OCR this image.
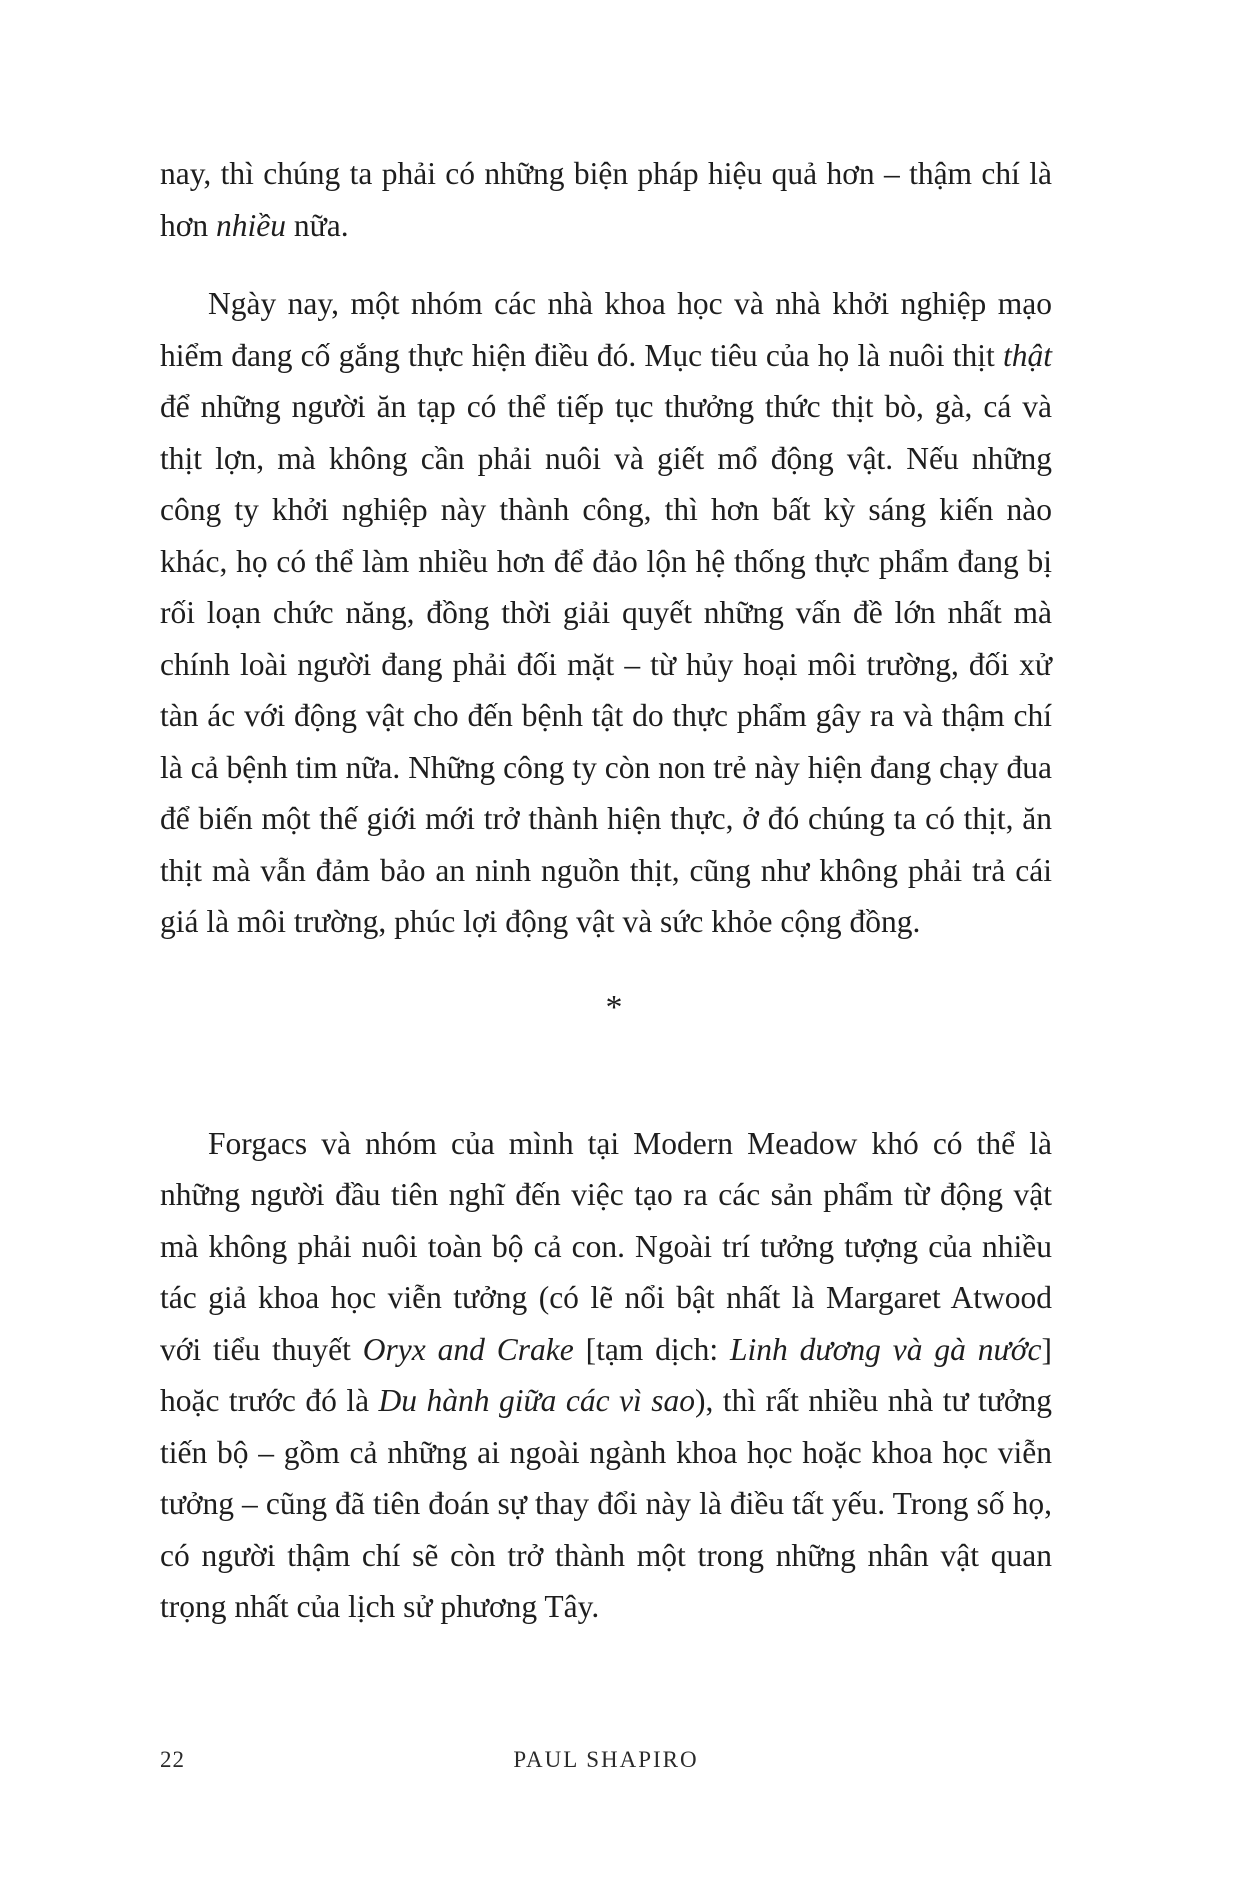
nay, thì chúng ta phải có những biện pháp hiệu quả hơn – thậm chí là hơn nhiều nữa.

Ngày nay, một nhóm các nhà khoa học và nhà khởi nghiệp mạo hiểm đang cố gắng thực hiện điều đó. Mục tiêu của họ là nuôi thịt thật để những người ăn tạp có thể tiếp tục thưởng thức thịt bò, gà, cá và thịt lợn, mà không cần phải nuôi và giết mổ động vật. Nếu những công ty khởi nghiệp này thành công, thì hơn bất kỳ sáng kiến nào khác, họ có thể làm nhiều hơn để đảo lộn hệ thống thực phẩm đang bị rối loạn chức năng, đồng thời giải quyết những vấn đề lớn nhất mà chính loài người đang phải đối mặt – từ hủy hoại môi trường, đối xử tàn ác với động vật cho đến bệnh tật do thực phẩm gây ra và thậm chí là cả bệnh tim nữa. Những công ty còn non trẻ này hiện đang chạy đua để biến một thế giới mới trở thành hiện thực, ở đó chúng ta có thịt, ăn thịt mà vẫn đảm bảo an ninh nguồn thịt, cũng như không phải trả cái giá là môi trường, phúc lợi động vật và sức khỏe cộng đồng.

*

Forgacs và nhóm của mình tại Modern Meadow khó có thể là những người đầu tiên nghĩ đến việc tạo ra các sản phẩm từ động vật mà không phải nuôi toàn bộ cả con. Ngoài trí tưởng tượng của nhiều tác giả khoa học viễn tưởng (có lẽ nổi bật nhất là Margaret Atwood với tiểu thuyết Oryx and Crake [tạm dịch: Linh dương và gà nước] hoặc trước đó là Du hành giữa các vì sao), thì rất nhiều nhà tư tưởng tiến bộ – gồm cả những ai ngoài ngành khoa học hoặc khoa học viễn tưởng – cũng đã tiên đoán sự thay đổi này là điều tất yếu. Trong số họ, có người thậm chí sẽ còn trở thành một trong những nhân vật quan trọng nhất của lịch sử phương Tây.

22	PAUL SHAPIRO
